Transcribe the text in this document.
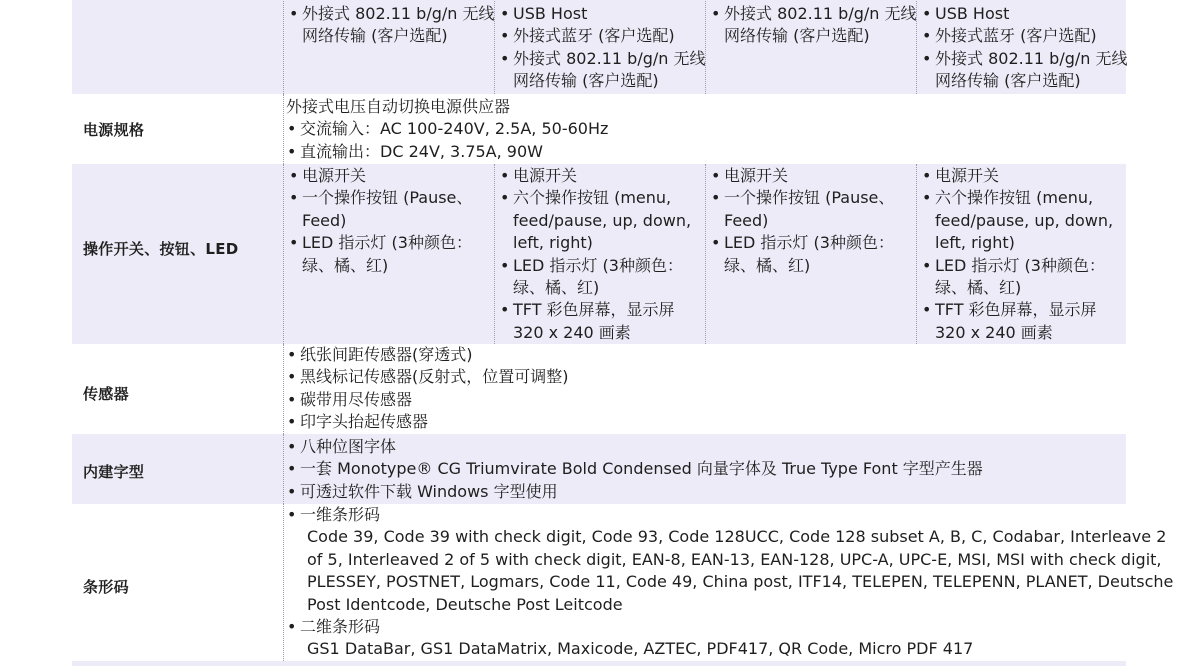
• 外接式 802.11 b/g/n 无线网络传输 (客户选配)
• USB Host
• 外接式蓝牙 (客户选配)
• 外接式 802.11 b/g/n 无线网络传输 (客户选配)
• 外接式 802.11 b/g/n 无线网络传输 (客户选配)
• USB Host
• 外接式蓝牙 (客户选配)
• 外接式 802.11 b/g/n 无线网络传输 (客户选配)
电源规格
外接式电压自动切换电源供应器
• 交流输入：AC 100-240V, 2.5A, 50-60Hz
• 直流输出：DC 24V, 3.75A, 90W
操作开关、按钮、LED
• 电源开关
• 一个操作按钮 (Pause、Feed)
• LED 指示灯 (3种颜色：绿、橘、红)
• 电源开关
• 六个操作按钮 (menu, feed/pause, up, down, left, right)
• LED 指示灯 (3种颜色：绿、橘、红)
• TFT 彩色屏幕，显示屏 320 x 240 画素
• 电源开关
• 一个操作按钮 (Pause、Feed)
• LED 指示灯 (3种颜色：绿、橘、红)
• 电源开关
• 六个操作按钮 (menu, feed/pause, up, down, left, right)
• LED 指示灯 (3种颜色：绿、橘、红)
• TFT 彩色屏幕，显示屏 320 x 240 画素
传感器
• 纸张间距传感器(穿透式)
• 黑线标记传感器(反射式，位置可调整)
• 碳带用尽传感器
• 印字头抬起传感器
内建字型
• 八种位图字体
• 一套 Monotype® CG Triumvirate Bold Condensed 向量字体及 True Type Font 字型产生器
• 可透过软件下载 Windows 字型使用
条形码
• 一维条形码
Code 39, Code 39 with check digit, Code 93, Code 128UCC, Code 128 subset A, B, C, Codabar, Interleave 2 of 5, Interleaved 2 of 5 with check digit, EAN-8, EAN-13, EAN-128, UPC-A, UPC-E, MSI, MSI with check digit, PLESSEY, POSTNET, Logmars, Code 11, Code 49, China post, ITF14, TELEPEN, TELEPENN, PLANET, Deutsche Post Identcode, Deutsche Post Leitcode
• 二维条形码
GS1 DataBar, GS1 DataMatrix, Maxicode, AZTEC, PDF417, QR Code, Micro PDF 417
